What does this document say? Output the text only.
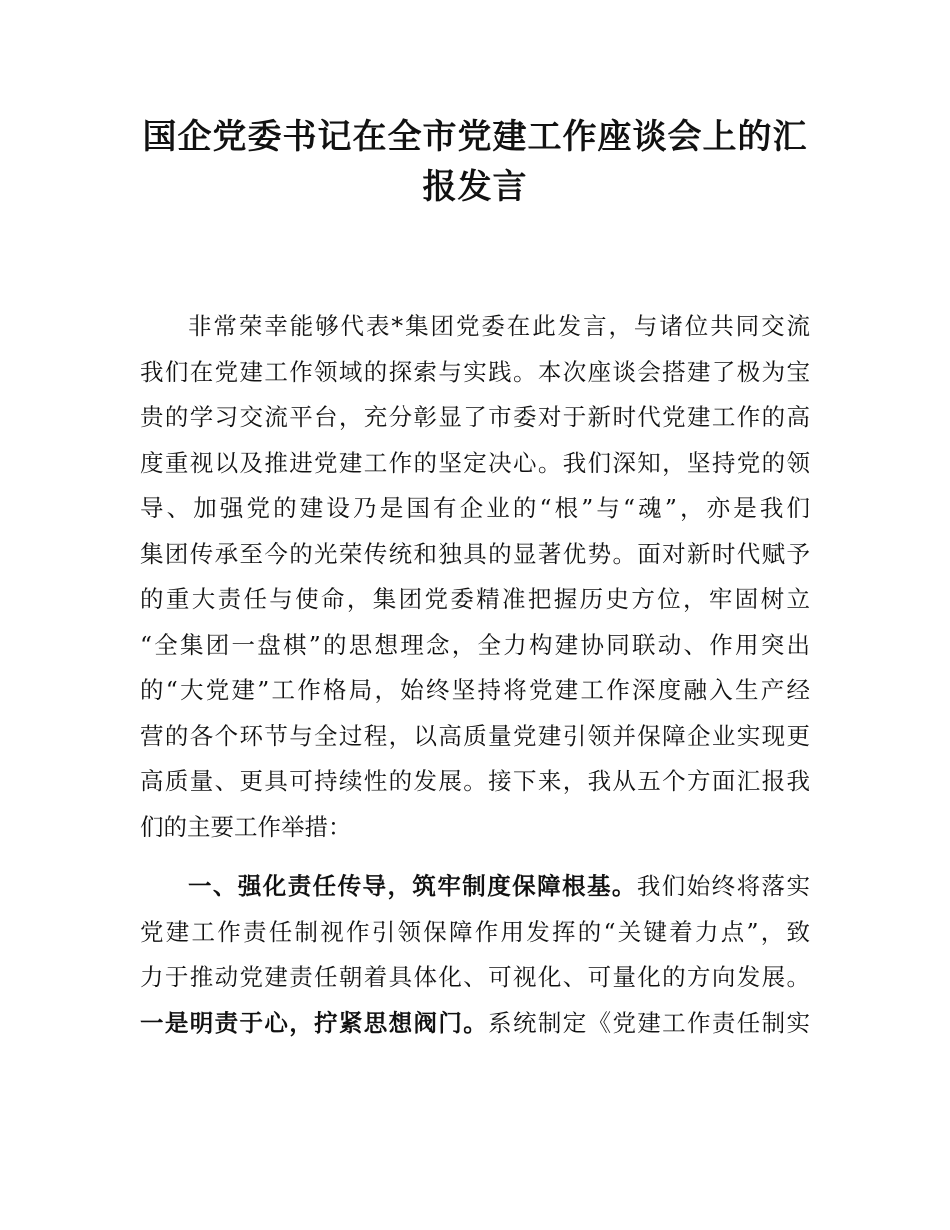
国企党委书记在全市党建工作座谈会上的汇
报发言
非常荣幸能够代表*集团党委在此发言，与诸位共同交流
我们在党建工作领域的探索与实践。本次座谈会搭建了极为宝
贵的学习交流平台，充分彰显了市委对于新时代党建工作的高
度重视以及推进党建工作的坚定决心。我们深知，坚持党的领
导、加强党的建设乃是国有企业的“根”与“魂”，亦是我们
集团传承至今的光荣传统和独具的显著优势。面对新时代赋予
的重大责任与使命，集团党委精准把握历史方位，牢固树立
“全集团一盘棋”的思想理念，全力构建协同联动、作用突出
的“大党建”工作格局，始终坚持将党建工作深度融入生产经
营的各个环节与全过程，以高质量党建引领并保障企业实现更
高质量、更具可持续性的发展。接下来，我从五个方面汇报我
们的主要工作举措：
一、强化责任传导，筑牢制度保障根基。我们始终将落实
党建工作责任制视作引领保障作用发挥的“关键着力点”，致
力于推动党建责任朝着具体化、可视化、可量化的方向发展。
一是明责于心，拧紧思想阀门。系统制定《党建工作责任制实
